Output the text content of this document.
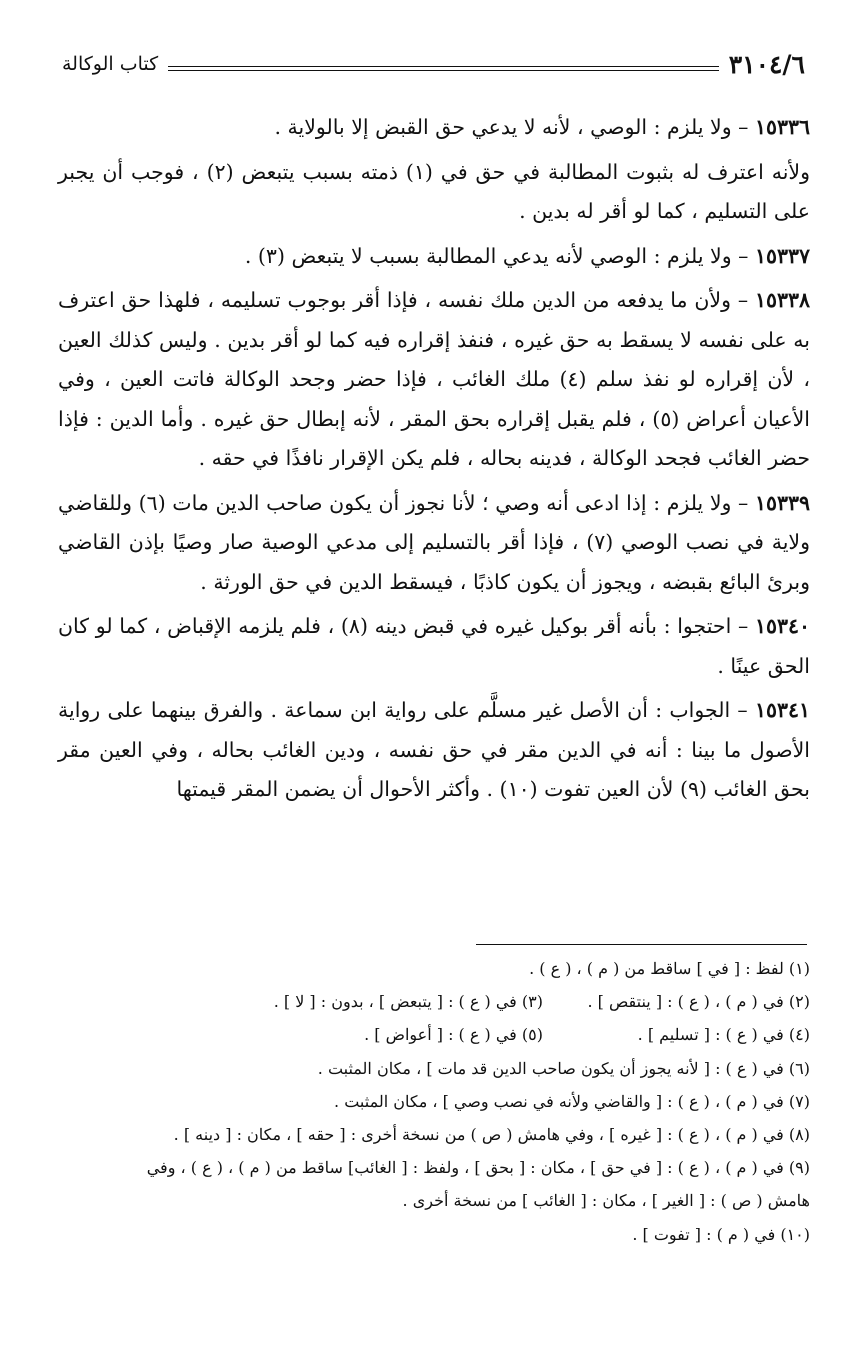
٣١٠٤/٦
كتاب الوكالة

١٥٣٣٦ – ولا يلزم : الوصي ، لأنه لا يدعي حق القبض إلا بالولاية .

ولأنه اعترف له بثبوت المطالبة في حق في (١) ذمته بسبب يتبعض (٢) ، فوجب أن يجبر على التسليم ، كما لو أقر له بدين .

١٥٣٣٧ – ولا يلزم : الوصي لأنه يدعي المطالبة بسبب لا يتبعض (٣) .

١٥٣٣٨ – ولأن ما يدفعه من الدين ملك نفسه ، فإذا أقر بوجوب تسليمه ، فلهذا حق اعترف به على نفسه لا يسقط به حق غيره ، فنفذ إقراره فيه كما لو أقر بدين . وليس كذلك العين ، لأن إقراره لو نفذ سلم (٤) ملك الغائب ، فإذا حضر وجحد الوكالة فاتت العين ، وفي الأعيان أعراض (٥) ، فلم يقبل إقراره بحق المقر ، لأنه إبطال حق غيره . وأما الدين : فإذا حضر الغائب فجحد الوكالة ، فدينه بحاله ، فلم يكن الإقرار نافذًا في حقه .

١٥٣٣٩ – ولا يلزم : إذا ادعى أنه وصي ؛ لأنا نجوز أن يكون صاحب الدين مات (٦) وللقاضي ولاية في نصب الوصي (٧) ، فإذا أقر بالتسليم إلى مدعي الوصية صار وصيًا بإذن القاضي وبرئ البائع بقبضه ، ويجوز أن يكون كاذبًا ، فيسقط الدين في حق الورثة .

١٥٣٤٠ – احتجوا : بأنه أقر بوكيل غيره في قبض دينه (٨) ، فلم يلزمه الإقباض ، كما لو كان الحق عينًا .

١٥٣٤١ – الجواب : أن الأصل غير مسلَّم على رواية ابن سماعة . والفرق بينهما على رواية الأصول ما بينا : أنه في الدين مقر في حق نفسه ، ودين الغائب بحاله ، وفي العين مقر بحق الغائب (٩) لأن العين تفوت (١٠) . وأكثر الأحوال أن يضمن المقر قيمتها

(١) لفظ : [ في ] ساقط من ( م ) ، ( ع ) .
(٢) في ( م ) ، ( ع ) : [ ينتقص ] .
(٣) في ( ع ) : [ يتبعض ] ، بدون : [ لا ] .
(٤) في ( ع ) : [ تسليم ] .
(٥) في ( ع ) : [ أعواض ] .
(٦) في ( ع ) : [ لأنه يجوز أن يكون صاحب الدين قد مات ] ، مكان المثبت .
(٧) في ( م ) ، ( ع ) : [ والقاضي ولأنه في نصب وصي ] ، مكان المثبت .
(٨) في ( م ) ، ( ع ) : [ غيره ] ، وفي هامش ( ص ) من نسخة أخرى : [ حقه ] ، مكان : [ دينه ] .
(٩) في ( م ) ، ( ع ) : [ في حق ] ، مكان : [ بحق ] ، ولفظ : [ الغائب] ساقط من ( م ) ، ( ع ) ، وفي
هامش ( ص ) : [ الغير ] ، مكان : [ الغائب ] من نسخة أخرى .
(١٠) في ( م ) : [ تفوت ] .
